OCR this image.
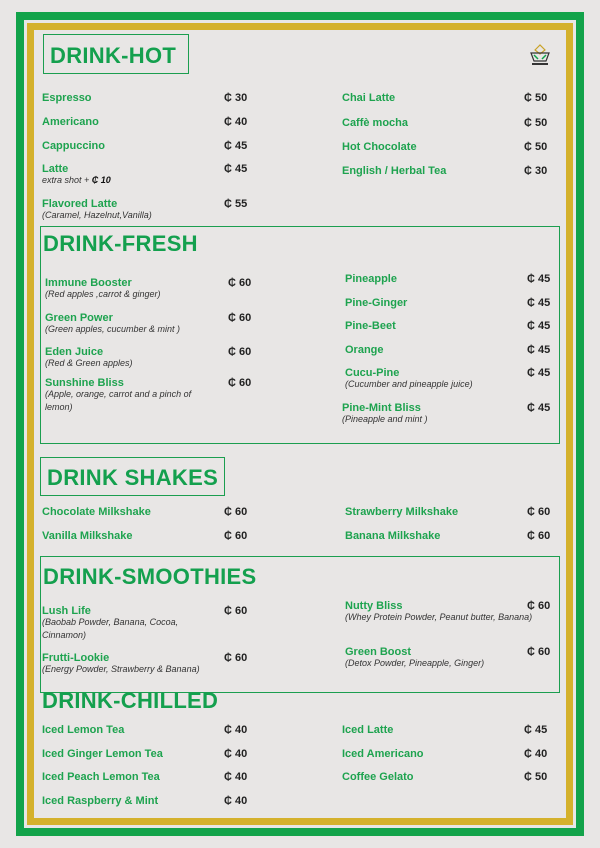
DRINK-HOT
DRINK-FRESH
DRINK SHAKES
DRINK-SMOOTHIES
DRINK-CHILLED
Espresso	₵ 30
Americano	₵ 40
Cappuccino	₵ 45
Latte	₵ 45
extra shot + ₵ 10
Flavored Latte	₵ 55
(Caramel, Hazelnut,Vanilla)
Chai Latte	₵ 50
Caffè mocha	₵ 50
Hot Chocolate	₵ 50
English / Herbal Tea	₵ 30
Immune Booster	₵ 60
(Red apples ,carrot & ginger)
Green Power	₵ 60
(Green apples, cucumber & mint )
Eden Juice	₵ 60
(Red & Green apples)
Sunshine Bliss	₵ 60
(Apple, orange, carrot and a pinch of lemon)
Pineapple	₵ 45
Pine-Ginger	₵ 45
Pine-Beet	₵ 45
Orange	₵ 45
Cucu-Pine	₵ 45
(Cucumber and pineapple juice)
Pine-Mint Bliss	₵ 45
(Pineapple and mint )
Chocolate Milkshake	₵ 60
Vanilla Milkshake	₵ 60
Strawberry Milkshake	₵ 60
Banana Milkshake	₵ 60
Lush Life	₵ 60
(Baobab Powder, Banana, Cocoa, Cinnamon)
Frutti-Lookie	₵ 60
(Energy Powder, Strawberry & Banana)
Nutty Bliss	₵ 60
(Whey Protein Powder, Peanut butter, Banana)
Green Boost	₵ 60
(Detox Powder, Pineapple, Ginger)
Iced Lemon Tea	₵ 40
Iced Ginger Lemon Tea	₵ 40
Iced Peach Lemon Tea	₵ 40
Iced Raspberry & Mint	₵ 40
Iced Latte	₵ 45
Iced Americano	₵ 40
Coffee Gelato	₵ 50
